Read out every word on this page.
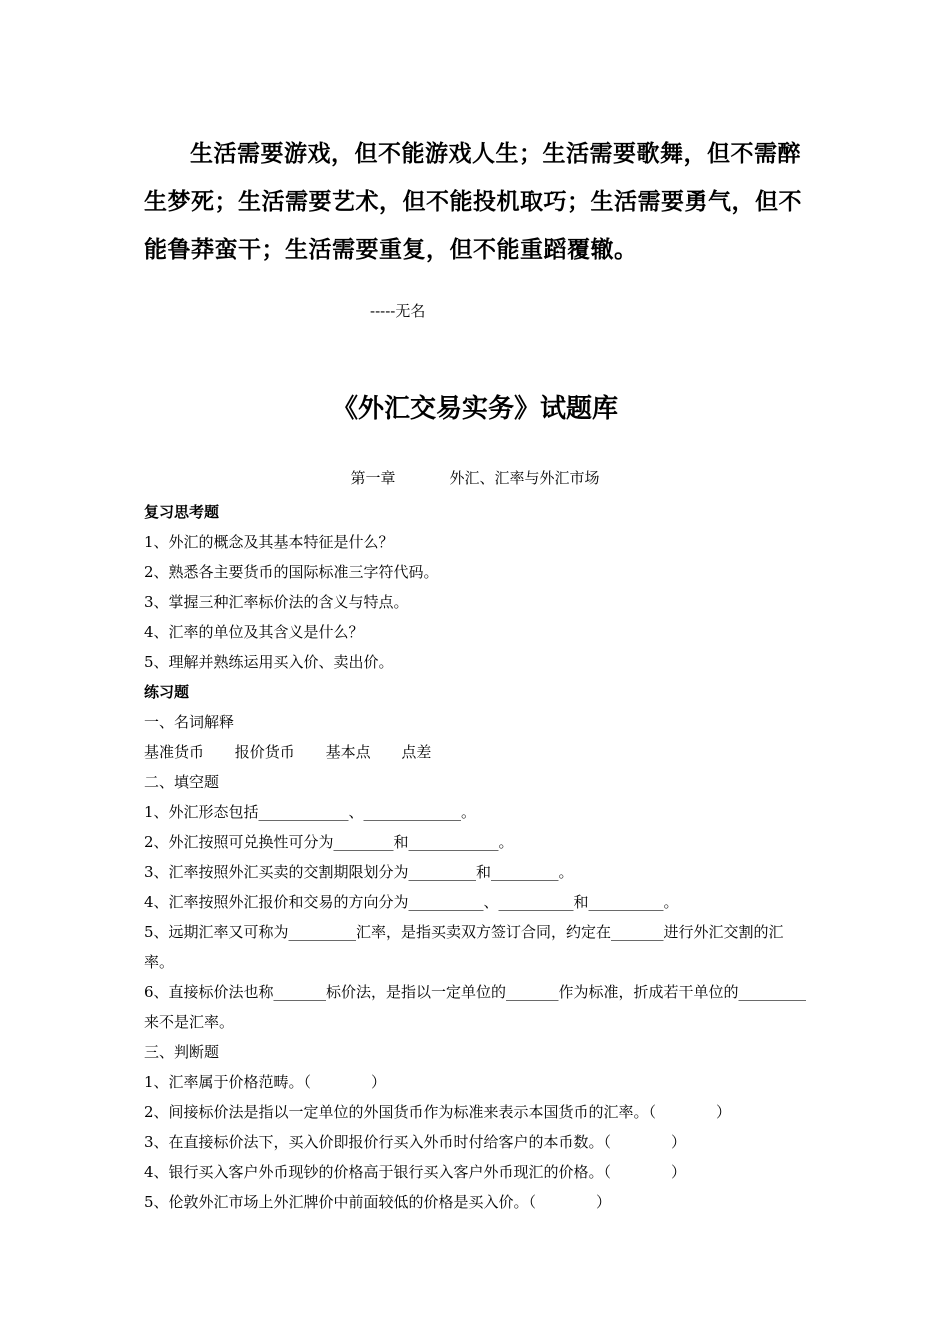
生活需要游戏，但不能游戏人生；生活需要歌舞，但不需醉生梦死；生活需要艺术，但不能投机取巧；生活需要勇气，但不能鲁莽蛮干；生活需要重复，但不能重蹈覆辙。

-----无名

《外汇交易实务》试题库

第一章	外汇、汇率与外汇市场

复习思考题

1、外汇的概念及其基本特征是什么？

2、熟悉各主要货币的国际标准三字符代码。

3、掌握三种汇率标价法的含义与特点。

4、汇率的单位及其含义是什么？

5、理解并熟练运用买入价、卖出价。

练习题

一、名词解释

基准货币 报价货币 基本点 点差

二、填空题

1、外汇形态包括____________、_____________。

2、外汇按照可兑换性可分为________和____________。

3、汇率按照外汇买卖的交割期限划分为_________和_________。

4、汇率按照外汇报价和交易的方向分为__________、__________和__________。

5、远期汇率又可称为_________汇率，是指买卖双方签订合同，约定在_______进行外汇交割的汇率。

6、直接标价法也称_______标价法，是指以一定单位的_______作为标准，折成若干单位的_________来不是汇率。

三、判断题

1、汇率属于价格范畴。（　　　　）

2、间接标价法是指以一定单位的外国货币作为标准来表示本国货币的汇率。（　　　　）

3、在直接标价法下，买入价即报价行买入外币时付给客户的本币数。（　　　　）

4、银行买入客户外币现钞的价格高于银行买入客户外币现汇的价格。（　　　　）

5、伦敦外汇市场上外汇牌价中前面较低的价格是买入价。（　　　　）
